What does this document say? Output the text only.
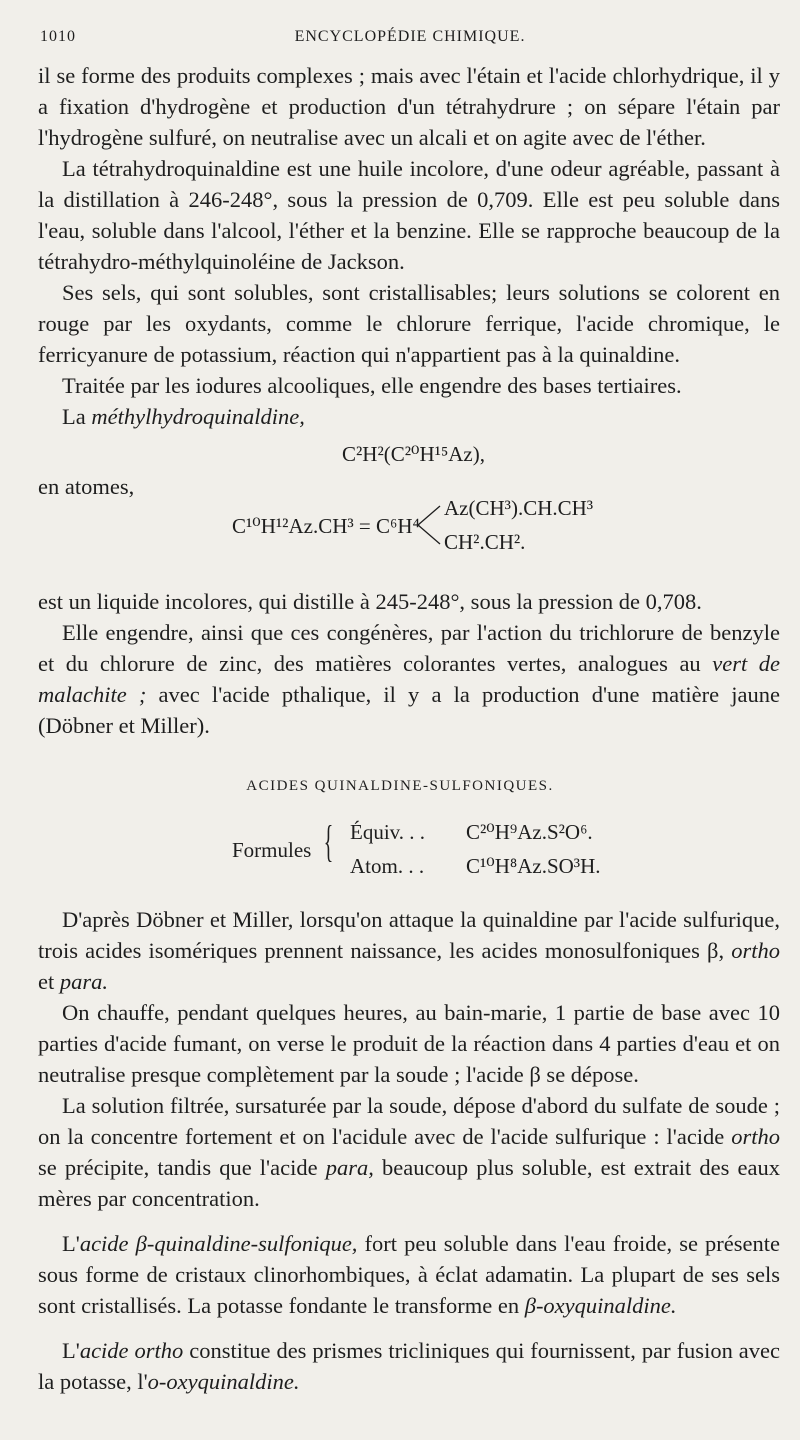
1010	ENCYCLOPÉDIE CHIMIQUE.

il se forme des produits complexes ; mais avec l'étain et l'acide chlorhydrique, il y a fixation d'hydrogène et production d'un tétrahydrure ; on sépare l'étain par l'hydrogène sulfuré, on neutralise avec un alcali et on agite avec de l'éther.

La tétrahydroquinaldine est une huile incolore, d'une odeur agréable, passant à la distillation à 246-248°, sous la pression de 0,709. Elle est peu soluble dans l'eau, soluble dans l'alcool, l'éther et la benzine. Elle se rapproche beaucoup de la tétrahydro-méthylquinoléine de Jackson.

Ses sels, qui sont solubles, sont cristallisables; leurs solutions se colorent en rouge par les oxydants, comme le chlorure ferrique, l'acide chromique, le ferricyanure de potassium, réaction qui n'appartient pas à la quinaldine.

Traitée par les iodures alcooliques, elle engendre des bases tertiaires.

La méthylhydroquinaldine,
C²H²(C²⁰H¹⁵Az),
en atomes,
C¹⁰H¹²Az.CH³ = C⁶H⁴
Az(CH³).CH.CH³
CH².CH².

est un liquide incolores, qui distille à 245-248°, sous la pression de 0,708.

Elle engendre, ainsi que ces congénères, par l'action du trichlorure de benzyle et du chlorure de zinc, des matières colorantes vertes, analogues au vert de malachite ; avec l'acide pthalique, il y a la production d'une matière jaune (Döbner et Miller).

ACIDES QUINALDINE-SULFONIQUES.
Formules { Équiv. . . C²⁰H⁹Az.S²O⁶.
Atom. . . C¹⁰H⁸Az.SO³H.

D'après Döbner et Miller, lorsqu'on attaque la quinaldine par l'acide sulfurique, trois acides isomériques prennent naissance, les acides monosulfoniques β, ortho et para.

On chauffe, pendant quelques heures, au bain-marie, 1 partie de base avec 10 parties d'acide fumant, on verse le produit de la réaction dans 4 parties d'eau et on neutralise presque complètement par la soude ; l'acide β se dépose.

La solution filtrée, sursaturée par la soude, dépose d'abord du sulfate de soude ; on la concentre fortement et on l'acidule avec de l'acide sulfurique : l'acide ortho se précipite, tandis que l'acide para, beaucoup plus soluble, est extrait des eaux mères par concentration.

L'acide β-quinaldine-sulfonique, fort peu soluble dans l'eau froide, se présente sous forme de cristaux clinorhombiques, à éclat adamatin. La plupart de ses sels sont cristallisés. La potasse fondante le transforme en β-oxyquinaldine.

L'acide ortho constitue des prismes tricliniques qui fournissent, par fusion avec la potasse, l'o-oxyquinaldine.
